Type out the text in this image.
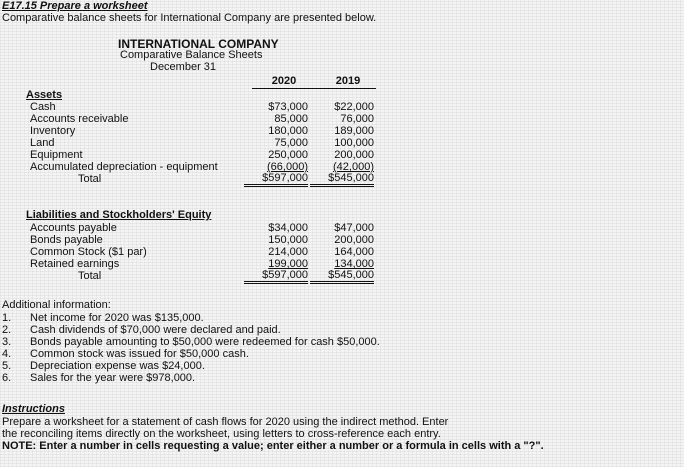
E17.15 Prepare a worksheet
Comparative balance sheets for International Company are presented below.
INTERNATIONAL COMPANY
Comparative Balance Sheets
December 31
2020	2019
Assets
Cash	$73,000	$22,000
Accounts receivable	85,000	76,000
Inventory	180,000	189,000
Land	75,000	100,000
Equipment	250,000	200,000
Accumulated depreciation - equipment	(66,000)	(42,000)
Total	$597,000	$545,000
Liabilities and Stockholders' Equity
Accounts payable	$34,000	$47,000
Bonds payable	150,000	200,000
Common Stock ($1 par)	214,000	164,000
Retained earnings	199,000	134,000
Total	$597,000	$545,000
Additional information:
1. Net income for 2020 was $135,000.
2. Cash dividends of $70,000 were declared and paid.
3. Bonds payable amounting to $50,000 were redeemed for cash $50,000.
4. Common stock was issued for $50,000 cash.
5. Depreciation expense was $24,000.
6. Sales for the year were $978,000.
Instructions
Prepare a worksheet for a statement of cash flows for 2020 using the indirect method. Enter
the reconciling items directly on the worksheet, using letters to cross-reference each entry.
NOTE: Enter a number in cells requesting a value; enter either a number or a formula in cells with a "?".
